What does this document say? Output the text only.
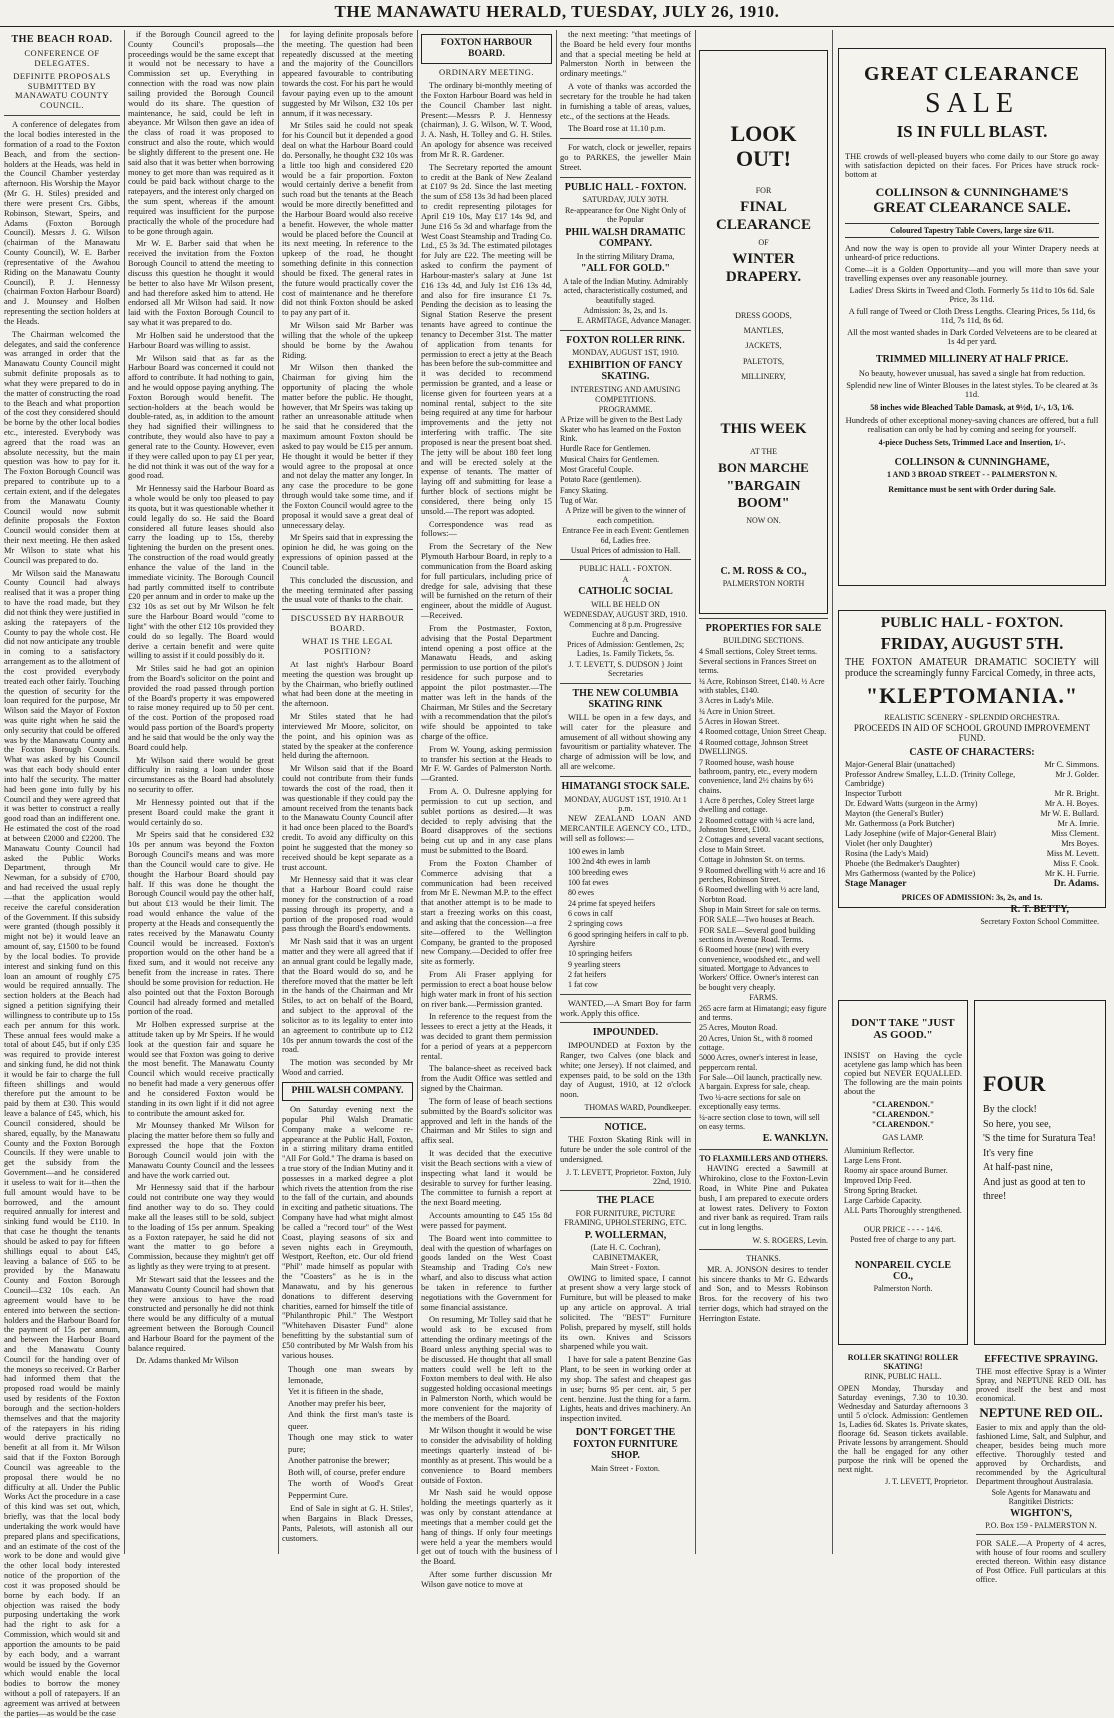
THE MANAWATU HERALD, TUESDAY, JULY 26, 1910.
THE BEACH ROAD.
CONFERENCE OF DELEGATES.
DEFINITE PROPOSALS SUBMITTED BY MANAWATU COUNTY COUNCIL.

A conference of delegates from the local bodies interested in the formation of a road to the Foxton Beach, and from the section-holders at the Heads, was held in the Council Chamber yesterday afternoon. His Worship the Mayor (Mr G. H. Stiles) presided and there were present Crs. Gibbs, Robinson, Stewart, Speirs, and Adams (Foxton Borough Council). Messrs J. G. Wilson (chairman of the Manawatu County Council), W. E. Barber (representative of the Awahou Riding on the Manawatu County Council), P. J. Hennessy (chairman Foxton Harbour Board) and J. Mounsey and Holben representing the section holders at the Heads.

The Chairman welcomed the delegates, and said the conference was arranged in order that the Manawatu County Council might submit definite proposals as to what they were prepared to do in the matter of constructing the road to the Beach and what proportion of the cost they considered should be borne by the other local bodies etc., interested. Everybody was agreed that the road was an absolute necessity, but the main question was how to pay for it. The Foxton Borough Council was prepared to contribute up to a certain extent, and if the delegates from the Manawatu County Council would now submit definite proposals the Foxton Council would consider them at their next meeting. He then asked Mr Wilson to state what his Council was prepared to do.

Mr Wilson said the Manawatu County Council had always realised that it was a proper thing to have the road made, but they did not think they were justified in asking the ratepayers of the County to pay the whole cost. He did not now anticipate any trouble in coming to a satisfactory arrangement as to the allotment of the cost provided everybody treated each other fairly. Touching the question of security for the loan required for the purpose, Mr Wilson said the Mayor of Foxton was quite right when he said the only security that could be offered was by the Manawatu County and the Foxton Borough Councils. What was asked by his Council was that each body should enter into half the security. The matter had been gone into fully by his Council and they were agreed that it was better to construct a really good road than an indifferent one. He estimated the cost of the road at between £2000 and £2200. The Manawatu County Council had asked the Public Works Department, through Mr Newman, for a subsidy of £700, and had received the usual reply—that the application would receive the careful consideration of the Government. If this subsidy were granted (though possibly it might not be) it would leave an amount of, say, £1500 to be found by the local bodies. To provide interest and sinking fund on this loan an amount of roughly £75 would be required annually. The section holders at the Beach had signed a petition signifying their willingness to contribute up to 15s each per annum for this work. These annual fees would make a total of about £45, but if only £35 was required to provide interest and sinking fund, he did not think it would be fair to charge the full fifteen shillings and would therefore put the amount to be paid by them at £30. This would leave a balance of £45, which, his Council considered, should be shared, equally, by the Manawatu County and the Foxton Borough Councils. If they were unable to get the subsidy from the Government—and he considered it useless to wait for it—then the full amount would have to be borrowed, and the amount required annually for interest and sinking fund would be £110. In that case he thought the tenants should be asked to pay for fifteen shillings equal to about £45, leaving a balance of £65 to be provided by the Manawatu County and Foxton Borough Council—£32 10s each. An agreement would have to be entered into between the section-holders and the Harbour Board for the payment of 15s per annum, and between the Harbour Board and the Manawatu County Council for the handing over of the moneys so received. Cr Barber had informed them that the proposed road would be mainly used by residents of the Foxton borough and the section-holders themselves and that the majority of the ratepayers in his riding would derive practically no benefit at all from it. Mr Wilson said that if the Foxton Borough Council was agreeable to the proposal there would be no difficulty at all. Under the Public Works Act the procedure in a case of this kind was set out, which, briefly, was that the local body undertaking the work would have prepared plans and specifications, and an estimate of the cost of the work to be done and would give the other local body interested notice of the proportion of the cost it was proposed should be borne by each body. If an objection was raised the body purposing undertaking the work had the right to ask for a Commission, which would sit and apportion the amounts to be paid by each body, and a warrant would be issued by the Governor which would enable the local bodies to borrow the money without a poll of ratepayers. If an agreement was arrived at between the parties—as would be the case

if the Borough Council agreed to the County Council's proposals—the proceedings would be the same except that it would not be necessary to have a Commission set up. Everything in connection with the road was now plain sailing provided the Borough Council would do its share. The question of maintenance, he said, could be left in abeyance. Mr Wilson then gave an idea of the class of road it was proposed to construct and also the route, which would be slightly different to the present one. He said also that it was better when borrowing money to get more than was required as it could be paid back without charge to the ratepayers, and the interest only charged on the sum spent, whereas if the amount required was insufficient for the purpose practically the whole of the procedure had to be gone through again.

Mr W. E. Barber said that when he received the invitation from the Foxton Borough Council to attend the meeting to discuss this question he thought it would be better to also have Mr Wilson present, and had therefore asked him to attend. He endorsed all Mr Wilson had said. It now laid with the Foxton Borough Council to say what it was prepared to do.

Mr Holben said he understood that the Harbour Board was willing to assist.

Mr Wilson said that as far as the Harbour Board was concerned it could not afford to contribute. It had nothing to gain, and he would oppose paying anything. The Foxton Borough would benefit. The section-holders at the beach would be double-rated, as, in addition to the amount they had signified their willingness to contribute, they would also have to pay a general rate to the County. However, even if they were called upon to pay £1 per year, he did not think it was out of the way for a good road.

Mr Hennessy said the Harbour Board as a whole would be only too pleased to pay its quota, but it was questionable whether it could legally do so. He said the Board considered all future leases should also carry the loading up to 15s, thereby lightening the burden on the present ones. The construction of the road would greatly enhance the value of the land in the immediate vicinity. The Borough Council had partly committed itself to contribute £20 per annum and in order to make up the £32 10s as set out by Mr Wilson he felt sure the Harbour Board would "come to light" with the other £12 10s provided they could do so legally. The Board would derive a certain benefit and were quite willing to assist if it could possibly do it.

Mr Stiles said he had got an opinion from the Board's solicitor on the point and provided the road passed through portion of the Board's property it was empowered to raise money required up to 50 per cent. of the cost. Portion of the proposed road would pass portion of the Board's property and he said that would be the only way the Board could help.

Mr Wilson said there would be great difficulty in raising a loan under those circumstances as the Board had absolutely no security to offer.

Mr Hennessy pointed out that if the present Board could make the grant it would certainly do so.

Mr Speirs said that he considered £32 10s per annum was beyond the Foxton Borough Council's means and was more than the Council would care to give. He thought the Harbour Board should pay half. If this was done he thought the Borough Council would pay the other half, but about £13 would be their limit. The road would enhance the value of the property at the Heads and consequently the rates received by the Manawatu County Council would be increased. Foxton's proportion would on the other hand be a fixed sum, and it would not receive any benefit from the increase in rates. There should be some provision for reduction. He also pointed out that the Foxton Borough Council had already formed and metalled portion of the road.

Mr Holben expressed surprise at the attitude taken up by Mr Speirs. If he would look at the question fair and square he would see that Foxton was going to derive the most benefit. The Manawatu County Council which would receive practically no benefit had made a very generous offer and he considered Foxton would be standing in its own light if it did not agree to contribute the amount asked for.

Mr Mounsey thanked Mr Wilson for placing the matter before them so fully and expressed the hope that the Foxton Borough Council would join with the Manawatu County Council and the lessees and have the work carried out.

Mr Hennessy said that if the harbour could not contribute one way they would find another way to do so. They could make all the leases still to be sold, subject to the loading of 15s per annum. Speaking as a Foxton ratepayer, he said he did not want the matter to go before a Commission, because they mightn't get off as lightly as they were trying to at present.

Mr Stewart said that the lessees and the Manawatu County Council had shown that they were anxious to have the road constructed and personally he did not think there would be any difficulty of a mutual agreement between the Borough Council and Harbour Board for the payment of the balance required.

Dr. Adams thanked Mr Wilson

for laying definite proposals before the meeting. The question had been repeatedly discussed at the meeting and the majority of the Councillors appeared favourable to contributing towards the cost. For his part he would favour paying even up to the amount suggested by Mr Wilson, £32 10s per annum, if it was necessary.

Mr Stiles said he could not speak for his Council but it depended a good deal on what the Harbour Board could do. Personally, he thought £32 10s was a little too high and considered £20 would be a fair proportion. Foxton would certainly derive a benefit from such road but the tenants at the Beach would be more directly benefitted and the Harbour Board would also receive a benefit. However, the whole matter would be placed before the Council at its next meeting. In reference to the upkeep of the road, he thought something definite in this connection should be fixed. The general rates in the future would practically cover the cost of maintenance and he therefore did not think Foxton should be asked to pay any part of it.

Mr Wilson said Mr Barber was willing that the whole of the upkeep should be borne by the Awahou Riding.

Mr Wilson then thanked the Chairman for giving him the opportunity of placing the whole matter before the public. He thought, however, that Mr Speirs was taking up rather an unreasonable attitude when he said that he considered that the maximum amount Foxton should be asked to pay would be £15 per annum. He thought it would be better if they would agree to the proposal at once and not delay the matter any longer. In any case the procedure to be gone through would take some time, and if the Foxton Council would agree to the proposal it would save a great deal of unnecessary delay.

Mr Speirs said that in expressing the opinion he did, he was going on the expressions of opinion passed at the Council table.

This concluded the discussion, and the meeting terminated after passing the usual vote of thanks to the chair.

DISCUSSED BY HARBOUR BOARD.
WHAT IS THE LEGAL POSITION?

At last night's Harbour Board meeting the question was brought up by the Chairman, who briefly outlined what had been done at the meeting in the afternoon.

Mr Stiles stated that he had interviewed Mr Moore, solicitor, on the point, and his opinion was as stated by the speaker at the conference held during the afternoon.

Mr Wilson said that if the Board could not contribute from their funds towards the cost of the road, then it was questionable if they could pay the amount received from the tenants back to the Manawatu County Council after it had once been placed to the Board's credit. To avoid any difficulty on this point he suggested that the money so received should be kept separate as a trust account.

Mr Hennessy said that it was clear that a Harbour Board could raise money for the construction of a road passing through its property, and a portion of the proposed road would pass through the Board's endowments.

Mr Nash said that it was an urgent matter and they were all agreed that if an annual grant could be legally made, that the Board would do so, and he therefore moved that the matter be left in the hands of the Chairman and Mr Stiles, to act on behalf of the Board, and subject to the approval of the solicitor as to its legality to enter into an agreement to contribute up to £12 10s per annum towards the cost of the road.

The motion was seconded by Mr Wood and carried.

PHIL WALSH COMPANY.

On Saturday evening next the popular Phil Walsh Dramatic Company make a welcome re-appearance at the Public Hall, Foxton, in a stirring military drama entitled "All For Gold." The drama is based on a true story of the Indian Mutiny and it possesses in a marked degree a plot which rivets the attention from the rise to the fall of the curtain, and abounds in exciting and pathetic situations. The Company have had what might almost be called a "record tour" of the West Coast, playing seasons of six and seven nights each in Greymouth, Westport, Reefton, etc. Our old friend "Phil" made himself as popular with the "Coasters" as he is in the Manawatu, and by his generous donations to different deserving charities, earned for himself the title of "Philanthropic Phil." The Westport "Whitehaven Disaster Fund" alone benefitting by the substantial sum of £50 contributed by Mr Walsh from his various houses.

Though one man swears by lemonade,
Yet it is fifteen in the shade,
Another may prefer his beer,
And think the first man's taste is queer.
Though one may stick to water pure;
Another patronise the brewer;
Both will, of course, prefer endure
The worth of Wood's Great Peppermint Cure.

End of Sale in sight at G. H. Stiles', when Bargains in Black Dresses, Pants, Paletots, will astonish all our customers.

FOXTON HARBOUR BOARD.
ORDINARY MEETING.

The ordinary bi-monthly meeting of the Foxton Harbour Board was held in the Council Chamber last night. Present:—Messrs P. J. Hennessy (chairman), J. G. Wilson, W. T. Wood, J. A. Nash, H. Tolley and G. H. Stiles. An apology for absence was received from Mr R. R. Gardener.

The Secretary reported the amount to credit at the Bank of New Zealand at £107 9s 2d. Since the last meeting the sum of £58 13s 3d had been placed to credit representing pilotages for April £19 10s, May £17 14s 9d, and June £16 5s 3d and wharfage from the West Coast Steamship and Trading Co. Ltd., £5 3s 3d. The estimated pilotages for July are £22. The meeting will be asked to confirm the payment of Harbour-master's salary at June 1st £16 13s 4d, and July 1st £16 13s 4d, and also for fire insurance £1 7s. Pending the decision as to leasing the Signal Station Reserve the present tenants have agreed to continue the tenancy to December 31st. The matter of application from tenants for permission to erect a jetty at the Beach has been before the sub-committee and it was decided to recommend permission be granted, and a lease or license given for fourteen years at a nominal rental, subject to the site being required at any time for harbour improvements and the jetty not interfering with traffic. The site proposed is near the present boat shed. The jetty will be about 180 feet long and will be erected solely at the expense of tenants. The matter of laying off and submitting for lease a further block of sections might be considered, there being only 15 unsold.—The report was adopted.

Correspondence was read as follows:—

From the Secretary of the New Plymouth Harbour Board, in reply to a communication from the Board asking for full particulars, including price of dredge for sale, advising that these will be furnished on the return of their engineer, about the middle of August.—Received.

From the Postmaster, Foxton, advising that the Postal Department intend opening a post office at the Manawatu Heads, and asking permission to use portion of the pilot's residence for such purpose and to appoint the pilot postmaster.—The matter was left in the hands of the Chairman, Mr Stiles and the Secretary with a recommendation that the pilot's wife should be appointed to take charge of the office.

From W. Young, asking permission to transfer his section at the Heads to Mr F. W. Gardes of Palmerston North.—Granted.

From A. O. Dulresne applying for permission to cut up section, and sublet portions as desired.—It was decided to reply advising that the Board disapproves of the sections being cut up and in any case plans must be submitted to the Board.

From the Foxton Chamber of Commerce advising that a communication had been received from Mr E. Newman M.P. to the effect that another attempt is to be made to start a freezing works on this coast, and asking that the concession—a free site—offered to the Wellington Company, be granted to the proposed new Company.—Decided to offer free site as formerly.

From Ali Fraser applying for permission to erect a boat house below high water mark in front of his section on river bank.—Permission granted.

In reference to the request from the lessees to erect a jetty at the Heads, it was decided to grant them permission for a period of years at a peppercorn rental.

The balance-sheet as received back from the Audit Office was settled and signed by the Chairman.

The form of lease of beach sections submitted by the Board's solicitor was approved and left in the hands of the Chairman and Mr Stiles to sign and affix seal.

It was decided that the executive visit the Beach sections with a view of inspecting what land it would be desirable to survey for further leasing. The committee to furnish a report at the next Board meeting.

Accounts amounting to £45 15s 8d were passed for payment.

The Board went into committee to deal with the question of wharfages on goods landed on the West Coast Steamship and Trading Co's new wharf, and also to discuss what action be taken in reference to further negotiations with the Government for some financial assistance.

On resuming, Mr Tolley said that he would ask to be excused from attending the ordinary meetings of the Board unless anything special was to be discussed. He thought that all small matters could well be left to the Foxton members to deal with. He also suggested holding occasional meetings in Palmerston North, which would be more convenient for the majority of the members of the Board.

Mr Wilson thought it would be wise to consider the advisability of holding meetings quarterly instead of bi-monthly as at present. This would be a convenience to Board members outside of Foxton.

Mr Nash said he would oppose holding the meetings quarterly as it was only by constant attendance at meetings that a member could get the hang of things. If only four meetings were held a year the members would get out of touch with the business of the Board.

After some further discussion Mr Wilson gave notice to move at

the next meeting: "that meetings of the Board be held every four months and that a special meeting be held at Palmerston North in between the ordinary meetings."

A vote of thanks was accorded the secretary for the trouble he had taken in furnishing a table of areas, values, etc., of the sections at the Heads.

The Board rose at 11.10 p.m.

For watch, clock or jeweller, repairs go to PARKES, the jeweller Main Street.

PUBLIC HALL - FOXTON.
SATURDAY, JULY 30TH.
Re-appearance for One Night Only of the Popular
PHIL WALSH DRAMATIC COMPANY.
In the stirring Military Drama,
"ALL FOR GOLD."
A tale of the Indian Mutiny. Admirably acted, characteristically costumed, and beautifully staged.
Admission: 3s, 2s, and 1s.
E. ARMITAGE, Advance Manager.
FOXTON ROLLER RINK.
MONDAY, AUGUST 1ST, 1910.
EXHIBITION OF FANCY SKATING.
INTERESTING AND AMUSING COMPETITIONS.
PROGRAMME.
A Prize will be given to the Best Lady Skater who has learned on the Foxton Rink.
Hurdle Race for Gentlemen.
Musical Chairs for Gentlemen.
Most Graceful Couple.
Potato Race (gentlemen).
Fancy Skating.
Tug of War.
A Prize will be given to the winner of each competition.
Entrance Fee in each Event: Gentlemen 6d, Ladies free.
Usual Prices of admission to Hall.
PUBLIC HALL - FOXTON.
A
CATHOLIC SOCIAL
WILL BE HELD ON
WEDNESDAY, AUGUST 3RD, 1910.
Commencing at 8 p.m. Progressive Euchre and Dancing.
Prices of Admission: Gentlemen, 2s; Ladies, 1s. Family Tickets, 5s.
J. T. LEVETT, S. DUDSON } Joint Secretaries
THE NEW COLUMBIA SKATING RINK

WILL be open in a few days, and will cater for the pleasure and amusement of all without showing any favouritism or partiality whatever. The charge of admission will be low, and all are welcome.

HIMATANGI STOCK SALE.
MONDAY, AUGUST 1ST, 1910. At 1 p.m.

NEW ZEALAND LOAN AND MERCANTILE AGENCY CO., LTD., will sell as follows:—

100 ewes in lamb
100 2nd 4th ewes in lamb
100 breeding ewes
100 fat ewes
80 ewes
24 prime fat speyed heifers
6 cows in calf
2 springing cows
6 good springing heifers in calf to pb. Ayrshire
10 springing heifers
9 yearling steers
2 fat heifers
1 fat cow

WANTED,—A Smart Boy for farm work. Apply this office.

IMPOUNDED.

IMPOUNDED at Foxton by the Ranger, two Calves (one black and white; one Jersey). If not claimed, and expenses paid, to be sold on the 13th day of August, 1910, at 12 o'clock noon.

THOMAS WARD, Poundkeeper.
NOTICE.

THE Foxton Skating Rink will in future be under the sole control of the undersigned.

J. T. LEVETT, Proprietor. Foxton, July 22nd, 1910.
THE PLACE
FOR FURNITURE, PICTURE FRAMING, UPHOLSTERING, ETC.
P. WOLLERMAN,
(Late H. C. Cochran), CABINETMAKER,
Main Street - Foxton.

OWING to limited space, I cannot at present show a very large stock of Furniture, but will be pleased to make up any article on approval. A trial solicited. The "BEST" Furniture Polish, prepared by myself, still holds its own. Knives and Scissors sharpened while you wait.

I have for sale a patent Benzine Gas Plant, to be seen in working order at my shop. The safest and cheapest gas in use; burns 95 per cent. air, 5 per cent. benzine. Just the thing for a farm. Lights, heats and drives machinery. An inspection invited.

DON'T FORGET THE FOXTON FURNITURE SHOP.
Main Street - Foxton.
LOOK OUT!
FOR
FINAL CLEARANCE
OF
WINTER DRAPERY.
DRESS GOODS,
MANTLES,
JACKETS,
PALETOTS,
MILLINERY,
THIS WEEK
AT THE
BON MARCHE
"BARGAIN BOOM"
NOW ON.
C. M. ROSS & CO.,
PALMERSTON NORTH
PROPERTIES FOR SALE
BUILDING SECTIONS.
4 Small sections, Coley Street terms.
Several sections in Frances Street on terms.
¼ Acre, Robinson Street, £140. ½ Acre with stables, £140.
3 Acres in Lady's Mile.
¼ Acre in Union Street.
5 Acres in Howan Street.
4 Roomed cottage, Union Street Cheap.
4 Roomed cottage, Johnson Street DWELLINGS.
7 Roomed house, wash house bathroom, pantry, etc., every modern convenience, land 2½ chains by 6½ chains.
1 Acre 8 perches, Coley Street large dwelling and cottage.
2 Roomed cottage with ¼ acre land, Johnston Street, £100.
2 Cottages and several vacant sections, close to Main Street.
Cottage in Johnston St. on terms.
9 Roomed dwelling with ½ acre and 16 perches, Robinson Street.
6 Roomed dwelling with ½ acre land, Norbton Road.
Shop in Main Street for sale on terms.
FOR SALE—Two houses at Beach.
FOR SALE—Several good building sections in Avenue Road. Terms.
6 Roomed house (new) with every convenience, woodshed etc., and well situated. Mortgage to Advances to Workers' Office. Owner's interest can be bought very cheaply.
FARMS.
265 acre farm at Himatangi; easy figure and terms.
25 Acres, Mouton Road.
20 Acres, Union St., with 8 roomed cottage.
5000 Acres, owner's interest in lease, peppercorn rental.
For Sale—Oil launch, practically new. A bargain. Express for sale, cheap.
Two ¼-acre sections for sale on exceptionally easy terms.
¼-acre section close to town, will sell on easy terms.
E. WANKLYN.
TO FLAXMILLERS AND OTHERS.

HAVING erected a Sawmill at Whirokino, close to the Foxton-Levin Road, in White Pine and Pukatea bush, I am prepared to execute orders at lowest rates. Delivery to Foxton and river bank as required. Tram rails cut in long lengths.

W. S. ROGERS, Levin.
THANKS.

MR. A. JONSON desires to tender his sincere thanks to Mr G. Edwards and Son, and to Messrs Robinson Bros. for the recovery of his two terrier dogs, which had strayed on the Herrington Estate.

GREAT CLEARANCE
SALE
IS IN FULL BLAST.

THE crowds of well-pleased buyers who come daily to our Store go away with satisfaction depicted on their faces. For Prices have struck rock-bottom at

COLLINSON & CUNNINGHAME'S
GREAT CLEARANCE SALE.
Coloured Tapestry Table Covers, large size 6/11.

And now the way is open to provide all your Winter Drapery needs at unheard-of price reductions.

Come—it is a Golden Opportunity—and you will more than save your travelling expenses over any reasonable journey.

Ladies' Dress Skirts in Tweed and Cloth. Formerly 5s 11d to 10s 6d. Sale Price, 3s 11d.

A full range of Tweed or Cloth Dress Lengths. Clearing Prices, 5s 11d, 6s 11d, 7s 11d, 8s 6d.

All the most wanted shades in Dark Corded Velveteens are to be cleared at 1s 4d per yard.

TRIMMED MILLINERY AT HALF PRICE.

No beauty, however unusual, has saved a single hat from reduction.

Splendid new line of Winter Blouses in the latest styles. To be cleared at 3s 11d.

58 inches wide Bleached Table Damask, at 9½d, 1/-, 1/3, 1/6.

Hundreds of other exceptional money-saving chances are offered, but a full realisation can only be had by coming and seeing for yourself.

4-piece Duchess Sets, Trimmed Lace and Insertion, 1/-.
COLLINSON & CUNNINGHAME,
1 AND 3 BROAD STREET - - PALMERSTON N.
Remittance must be sent with Order during Sale.
PUBLIC HALL - FOXTON.
FRIDAY, AUGUST 5TH.

THE FOXTON AMATEUR DRAMATIC SOCIETY will produce the screamingly funny Farcical Comedy, in three acts,

"KLEPTOMANIA."
REALISTIC SCENERY - SPLENDID ORCHESTRA.
PROCEEDS IN AID OF SCHOOL GROUND IMPROVEMENT FUND.
CASTE OF CHARACTERS:
Major-General Blair (unattached)	Mr C. Simmons.
Professor Andrew Smalley, L.L.D. (Trinity College, Cambridge)
Mr J. Golder.
Inspector Turbott	Mr R. Bright.
Dr. Edward Watts (surgeon in the Army)	Mr A. H. Boyes.
Mayton (the General's Butler)	Mr W. E. Bullard.
Mr. Gathermoss (a Pork Butcher)	Mr A. Imrie.
Lady Josephine (wife of Major-General Blair)	Miss Clement.
Violet (her only Daughter)	Mrs Boyes.
Rosina (the Lady's Maid)	Miss M. Levett.
Phoebe (the Bedmaker's Daughter)	Miss F. Cook.
Mrs Gathermoss (wanted by the Police)	Mr K. H. Furrie.
Stage Manager	Dr. Adams.
PRICES OF ADMISSION: 3s, 2s, and 1s.
R. T. BETTY,
Secretary Foxton School Committee.
DON'T TAKE "JUST AS GOOD."

INSIST on Having the cycle acetylene gas lamp which has been copied but NEVER EQUALLED. The following are the main points about the

"CLARENDON."
"CLARENDON."
"CLARENDON."
GAS LAMP.
Aluminium Reflector.
Large Lens Front.
Roomy air space around Burner.
Improved Drip Feed.
Strong Spring Bracket.
Large Carbide Capacity.
ALL Parts Thoroughly strengthened.
OUR PRICE - - - - 14/6.
Posted free of charge to any part.
NONPAREIL CYCLE CO.,
Palmerston North.
FOUR
By the clock!
So here, you see,
'S the time for Suratura Tea!
It's very fine
At half-past nine,
And just as good at ten to three!
ROLLER SKATING! ROLLER SKATING!
RINK, PUBLIC HALL.

OPEN Monday, Thursday and Saturday evenings, 7.30 to 10.30. Wednesday and Saturday afternoons 3 until 5 o'clock. Admission: Gentlemen 1s, Ladies 6d. Skates 1s. Private skates, floorage 6d. Season tickets available. Private lessons by arrangement. Should the hall be engaged for any other purpose the rink will be opened the next night.

J. T. LEVETT, Proprietor.
EFFECTIVE SPRAYING.

THE most effective Spray is a Winter Spray, and NEPTUNE RED OIL has proved itself the best and most economical.

NEPTUNE RED OIL.

Easier to mix and apply than the old-fashioned Lime, Salt, and Sulphur, and cheaper, besides being much more effective. Thoroughly tested and approved by Orchardists, and recommended by the Agricultural Department throughout Australasia.

Sole Agents for Manawatu and Rangitikei Districts:
WIGHTON'S,
P.O. Box 159 - PALMERSTON N.

FOR SALE.—A Property of 4 acres, with house of four rooms and scullery erected thereon. Within easy distance of Post Office. Full particulars at this office.
